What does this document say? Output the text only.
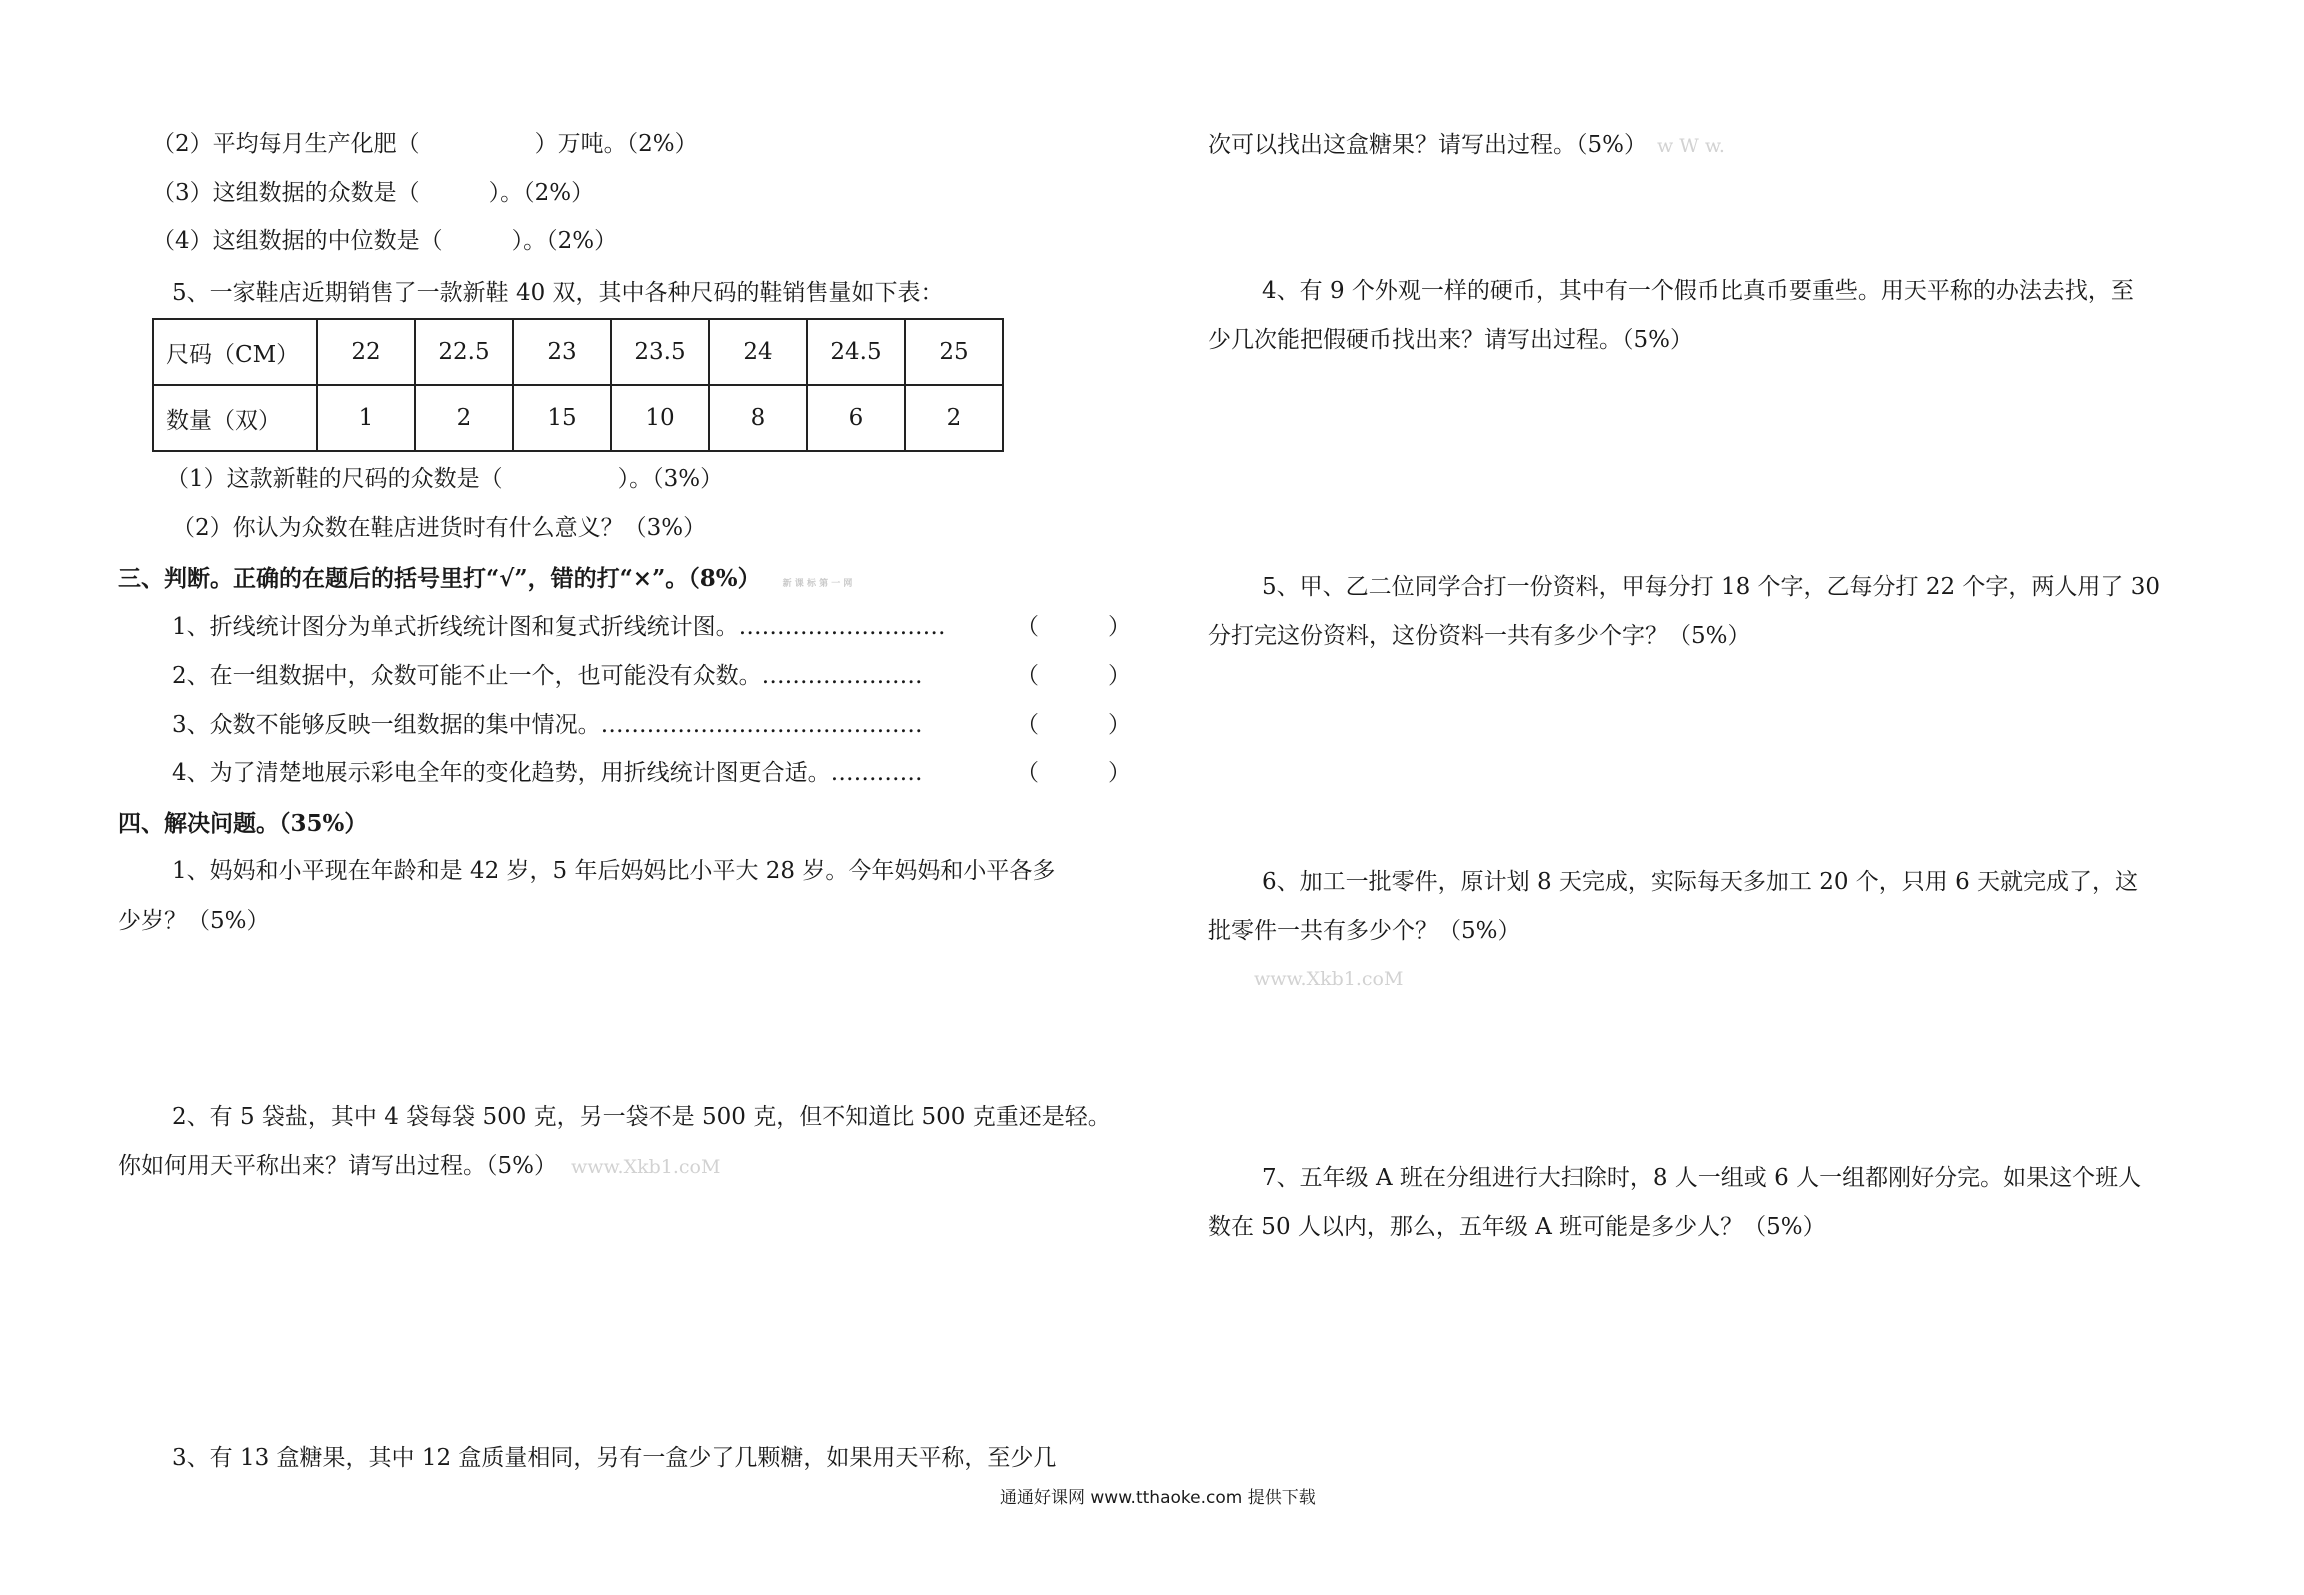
（2）平均每月生产化肥（　　　　　）万吨。（2%）
（3）这组数据的众数是（　　　）。（2%）
（4）这组数据的中位数是（　　　）。（2%）
5、一家鞋店近期销售了一款新鞋 40 双，其中各种尺码的鞋销售量如下表：
尺码（CM）	22	22.5	23	23.5	24	24.5	25
数量（双）	1	2	15	10	8	6	2
（1）这款新鞋的尺码的众数是（　　　　　）。（3%）
（2）你认为众数在鞋店进货时有什么意义？（3%）
三、判断。正确的在题后的括号里打“√”，错的打“×”。（8%） 新 课 标 第 一 网
1、折线统计图分为单式折线统计图和复式折线统计图。………………………	（　　　）
2、在一组数据中，众数可能不止一个，也可能没有众数。…………………	（　　　）
3、众数不能够反映一组数据的集中情况。……………………………………	（　　　）
4、为了清楚地展示彩电全年的变化趋势，用折线统计图更合适。…………	（　　　）
四、解决问题。（35%）
1、妈妈和小平现在年龄和是 42 岁，5 年后妈妈比小平大 28 岁。今年妈妈和小平各多
少岁？（5%）
2、有 5 袋盐，其中 4 袋每袋 500 克，另一袋不是 500 克，但不知道比 500 克重还是轻。
你如何用天平称出来？请写出过程。（5%） www.Xkb1.coM
3、有 13 盒糖果，其中 12 盒质量相同，另有一盒少了几颗糖，如果用天平称，至少几
次可以找出这盒糖果？请写出过程。（5%） w W w.
4、有 9 个外观一样的硬币，其中有一个假币比真币要重些。用天平称的办法去找，至
少几次能把假硬币找出来？请写出过程。（5%）
5、甲、乙二位同学合打一份资料，甲每分打 18 个字，乙每分打 22 个字，两人用了 30
分打完这份资料，这份资料一共有多少个字？（5%）
6、加工一批零件，原计划 8 天完成，实际每天多加工 20 个，只用 6 天就完成了，这
批零件一共有多少个？（5%）
www.Xkb1.coM
7、五年级 A 班在分组进行大扫除时，8 人一组或 6 人一组都刚好分完。如果这个班人
数在 50 人以内，那么，五年级 A 班可能是多少人？（5%）
通通好课网 www.tthaoke.com 提供下载
